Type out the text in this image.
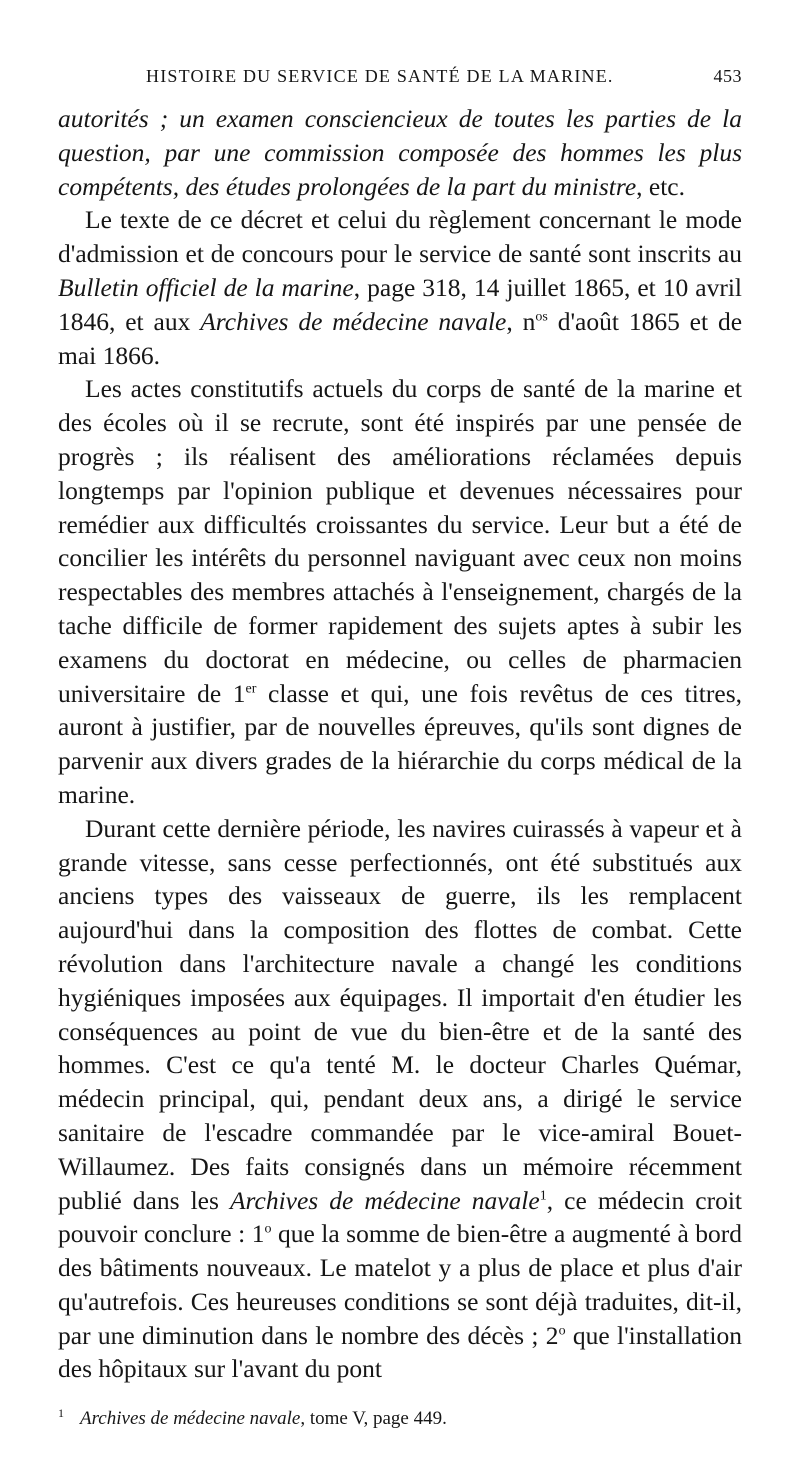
HISTOIRE DU SERVICE DE SANTÉ DE LA MARINE.	453

autorités ; un examen consciencieux de toutes les parties de la question, par une commission composée des hommes les plus compétents, des études prolongées de la part du ministre, etc.

Le texte de ce décret et celui du règlement concernant le mode d'admission et de concours pour le service de santé sont inscrits au Bulletin officiel de la marine, page 318, 14 juillet 1865, et 10 avril 1846, et aux Archives de médecine navale, $n^{os}$ d'août 1865 et de mai 1866.

Les actes constitutifs actuels du corps de santé de la marine et des écoles où il se recrute, sont été inspirés par une pensée de progrès ; ils réalisent des améliorations réclamées depuis longtemps par l'opinion publique et devenues nécessaires pour remédier aux difficultés croissantes du service. Leur but a été de concilier les intérêts du personnel naviguant avec ceux non moins respectables des membres attachés à l'enseignement, chargés de la tache difficile de former rapidement des sujets aptes à subir les examens du doctorat en médecine, ou celles de pharmacien universitaire de 1er classe et qui, une fois revêtus de ces titres, auront à justifier, par de nouvelles épreuves, qu'ils sont dignes de parvenir aux divers grades de la hiérarchie du corps médical de la marine.

Durant cette dernière période, les navires cuirassés à vapeur et à grande vitesse, sans cesse perfectionnés, ont été substitués aux anciens types des vaisseaux de guerre, ils les remplacent aujourd'hui dans la composition des flottes de combat. Cette révolution dans l'architecture navale a changé les conditions hygiéniques imposées aux équipages. Il importait d'en étudier les conséquences au point de vue du bien-être et de la santé des hommes. C'est ce qu'a tenté M. le docteur Charles Quémar, médecin principal, qui, pendant deux ans, a dirigé le service sanitaire de l'escadre commandée par le vice-amiral Bouet-Willaumez. Des faits consignés dans un mémoire récemment publié dans les Archives de médecine navale$^1$, ce médecin croit pouvoir conclure : 1$^o$ que la somme de bien-être a augmenté à bord des bâtiments nouveaux. Le matelot y a plus de place et plus d'air qu'autrefois. Ces heureuses conditions se sont déjà traduites, dit-il, par une diminution dans le nombre des décès ; 2$^o$ que l'installation des hôpitaux sur l'avant du pont

$^1$ Archives de médecine navale, tome V, page 449.
